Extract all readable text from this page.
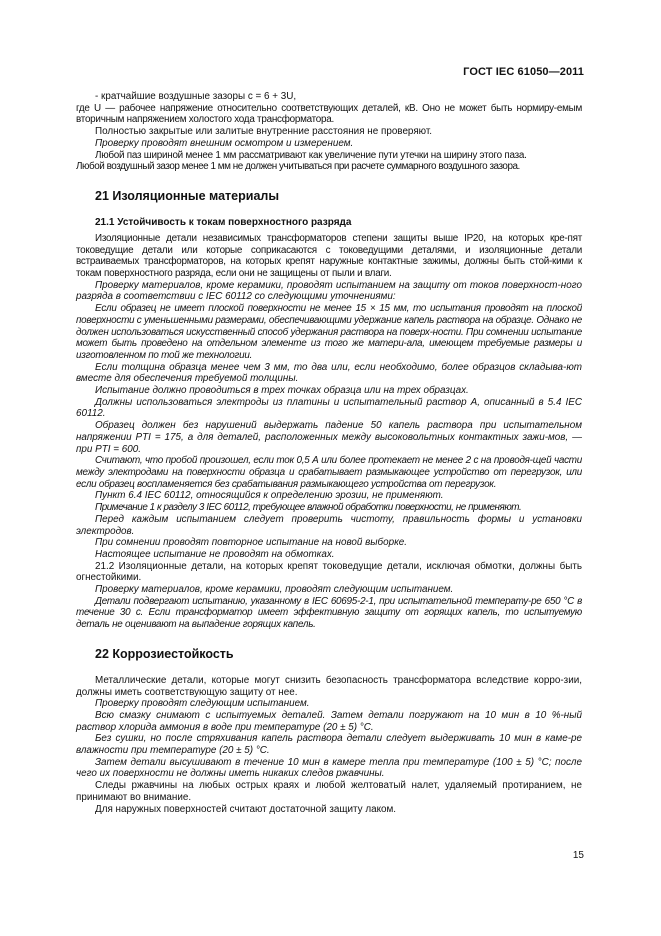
ГОСТ IEC 61050—2011

- кратчайшие воздушные зазоры c = 6 + 3U,

где U — рабочее напряжение относительно соответствующих деталей, кВ. Оно не может быть нормиру-емым вторичным напряжением холостого хода трансформатора.

Полностью закрытые или залитые внутренние расстояния не проверяют.

Проверку проводят внешним осмотром и измерением.

Любой паз шириной менее 1 мм рассматривают как увеличение пути утечки на ширину этого паза.

Любой воздушный зазор менее 1 мм не должен учитываться при расчете суммарного воздушного зазора.

21 Изоляционные материалы
21.1 Устойчивость к токам поверхностного разряда

Изоляционные детали независимых трансформаторов степени защиты выше IP20, на которых кре-пят токоведущие детали или которые соприкасаются с токоведущими деталями, и изоляционные детали встраиваемых трансформаторов, на которых крепят наружные контактные зажимы, должны быть стой-кими к токам поверхностного разряда, если они не защищены от пыли и влаги.

Проверку материалов, кроме керамики, проводят испытанием на защиту от токов поверхност-ного разряда в соответствии с IEC 60112 со следующими уточнениями:

Если образец не имеет плоской поверхности не менее 15 × 15 мм, то испытания проводят на плоской поверхности с уменьшенными размерами, обеспечивающими удержание капель раствора на образце. Однако не должен использоваться искусственный способ удержания раствора на поверх-ности. При сомнении испытание может быть проведено на отдельном элементе из того же матери-ала, имеющем требуемые размеры и изготовленном по той же технологии.

Если толщина образца менее чем 3 мм, то два или, если необходимо, более образцов складыва-ют вместе для обеспечения требуемой толщины.

Испытание должно проводиться в трех точках образца или на трех образцах.

Должны использоваться электроды из платины и испытательный раствор А, описанный в 5.4 IEC 60112.

Образец должен без нарушений выдержать падение 50 капель раствора при испытательном напряжении PTI = 175, а для деталей, расположенных между высоковольтных контактных зажи-мов, — при PTI = 600.

Считают, что пробой произошел, если ток 0,5 А или более протекает не менее 2 с на проводя-щей части между электродами на поверхности образца и срабатывает размыкающее устройство от перегрузок, или если образец воспламеняется без срабатывания размыкающего устройства от перегрузок.

Пункт 6.4 IEC 60112, относящийся к определению эрозии, не применяют.

Примечание 1 к разделу 3 IEC 60112, требующее влажной обработки поверхности, не применяют.

Перед каждым испытанием следует проверить чистоту, правильность формы и установки электродов.

При сомнении проводят повторное испытание на новой выборке.

Настоящее испытание не проводят на обмотках.

21.2 Изоляционные детали, на которых крепят токоведущие детали, исключая обмотки, должны быть огнестойкими.

Проверку материалов, кроме керамики, проводят следующим испытанием.

Детали подвергают испытанию, указанному в IEC 60695-2-1, при испытательной температу-ре 650 °С в течение 30 с. Если трансформатор имеет эффективную защиту от горящих капель, то испытуемую деталь не оценивают на выпадение горящих капель.

22 Коррозиестойкость

Металлические детали, которые могут снизить безопасность трансформатора вследствие корро-зии, должны иметь соответствующую защиту от нее.

Проверку проводят следующим испытанием.

Всю смазку снимают с испытуемых деталей. Затем детали погружают на 10 мин в 10 %-ный раствор хлорида аммония в воде при температуре (20 ± 5) °С.

Без сушки, но после стряхивания капель раствора детали следует выдерживать 10 мин в каме-ре влажности при температуре (20 ± 5) °С.

Затем детали высушивают в течение 10 мин в камере тепла при температуре (100 ± 5) °С; после чего их поверхности не должны иметь никаких следов ржавчины.

Следы ржавчины на любых острых краях и любой желтоватый налет, удаляемый протиранием, не принимают во внимание.

Для наружных поверхностей считают достаточной защиту лаком.

15
